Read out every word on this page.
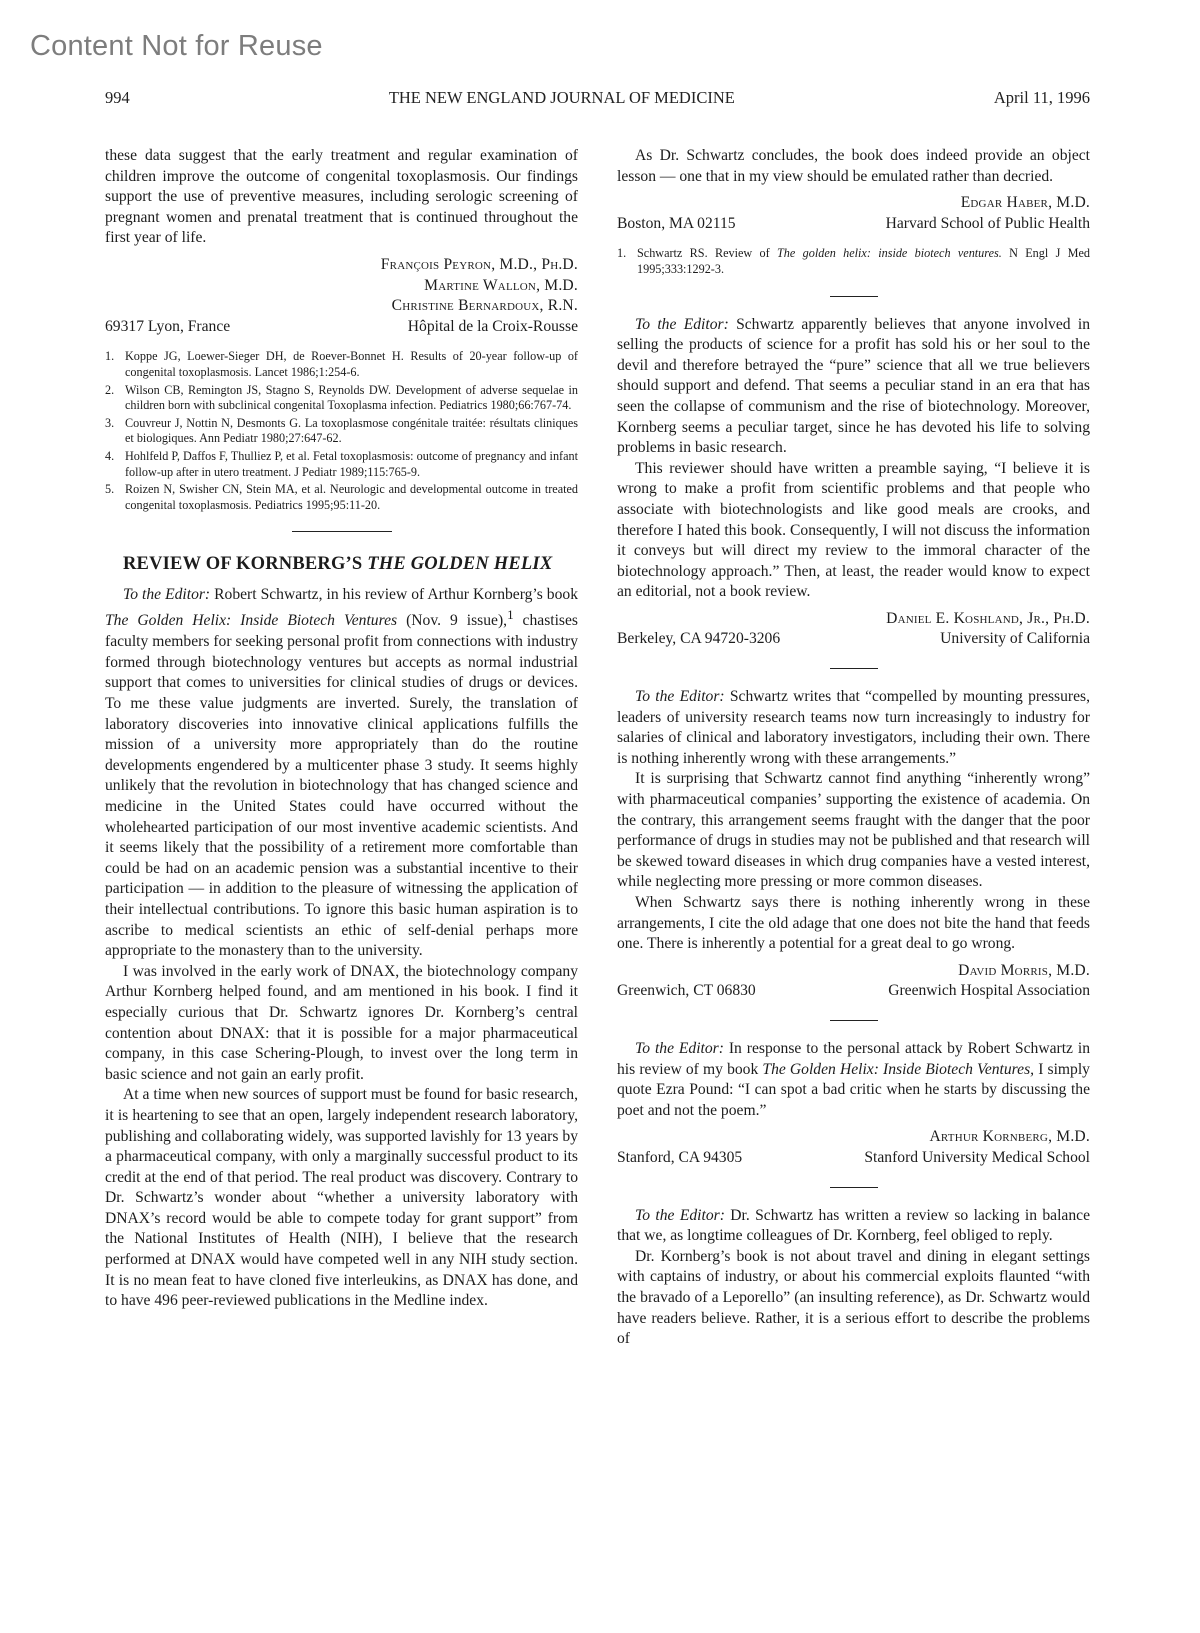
Content Not for Reuse
994	THE NEW ENGLAND JOURNAL OF MEDICINE	April 11, 1996

these data suggest that the early treatment and regular examination of children improve the outcome of congenital toxoplasmosis. Our findings support the use of preventive measures, including serologic screening of pregnant women and prenatal treatment that is continued throughout the first year of life.

François Peyron, M.D., Ph.D.
Martine Wallon, M.D.
Christine Bernardoux, R.N.
69317 Lyon, France	Hôpital de la Croix-Rousse
1. Koppe JG, Loewer-Sieger DH, de Roever-Bonnet H. Results of 20-year follow-up of congenital toxoplasmosis. Lancet 1986;1:254-6.
2. Wilson CB, Remington JS, Stagno S, Reynolds DW. Development of adverse sequelae in children born with subclinical congenital Toxoplasma infection. Pediatrics 1980;66:767-74.
3. Couvreur J, Nottin N, Desmonts G. La toxoplasmose congénitale traitée: résultats cliniques et biologiques. Ann Pediatr 1980;27:647-62.
4. Hohlfeld P, Daffos F, Thulliez P, et al. Fetal toxoplasmosis: outcome of pregnancy and infant follow-up after in utero treatment. J Pediatr 1989;115:765-9.
5. Roizen N, Swisher CN, Stein MA, et al. Neurologic and developmental outcome in treated congenital toxoplasmosis. Pediatrics 1995;95:11-20.
REVIEW OF KORNBERG’S THE GOLDEN HELIX

To the Editor: Robert Schwartz, in his review of Arthur Kornberg’s book The Golden Helix: Inside Biotech Ventures (Nov. 9 issue),$^1$ chastises faculty members for seeking personal profit from connections with industry formed through biotechnology ventures but accepts as normal industrial support that comes to universities for clinical studies of drugs or devices. To me these value judgments are inverted. Surely, the translation of laboratory discoveries into innovative clinical applications fulfills the mission of a university more appropriately than do the routine developments engendered by a multicenter phase 3 study. It seems highly unlikely that the revolution in biotechnology that has changed science and medicine in the United States could have occurred without the wholehearted participation of our most inventive academic scientists. And it seems likely that the possibility of a retirement more comfortable than could be had on an academic pension was a substantial incentive to their participation — in addition to the pleasure of witnessing the application of their intellectual contributions. To ignore this basic human aspiration is to ascribe to medical scientists an ethic of self-denial perhaps more appropriate to the monastery than to the university.

I was involved in the early work of DNAX, the biotechnology company Arthur Kornberg helped found, and am mentioned in his book. I find it especially curious that Dr. Schwartz ignores Dr. Kornberg’s central contention about DNAX: that it is possible for a major pharmaceutical company, in this case Schering-Plough, to invest over the long term in basic science and not gain an early profit.

At a time when new sources of support must be found for basic research, it is heartening to see that an open, largely independent research laboratory, publishing and collaborating widely, was supported lavishly for 13 years by a pharmaceutical company, with only a marginally successful product to its credit at the end of that period. The real product was discovery. Contrary to Dr. Schwartz’s wonder about “whether a university laboratory with DNAX’s record would be able to compete today for grant support” from the National Institutes of Health (NIH), I believe that the research performed at DNAX would have competed well in any NIH study section. It is no mean feat to have cloned five interleukins, as DNAX has done, and to have 496 peer-reviewed publications in the Medline index.

As Dr. Schwartz concludes, the book does indeed provide an object lesson — one that in my view should be emulated rather than decried.

Edgar Haber, M.D.
Boston, MA 02115	Harvard School of Public Health
1. Schwartz RS. Review of The golden helix: inside biotech ventures. N Engl J Med 1995;333:1292-3.

To the Editor: Schwartz apparently believes that anyone involved in selling the products of science for a profit has sold his or her soul to the devil and therefore betrayed the “pure” science that all we true believers should support and defend. That seems a peculiar stand in an era that has seen the collapse of communism and the rise of biotechnology. Moreover, Kornberg seems a peculiar target, since he has devoted his life to solving problems in basic research.

This reviewer should have written a preamble saying, “I believe it is wrong to make a profit from scientific problems and that people who associate with biotechnologists and like good meals are crooks, and therefore I hated this book. Consequently, I will not discuss the information it conveys but will direct my review to the immoral character of the biotechnology approach.” Then, at least, the reader would know to expect an editorial, not a book review.

Daniel E. Koshland, Jr., Ph.D.
Berkeley, CA 94720-3206	University of California

To the Editor: Schwartz writes that “compelled by mounting pressures, leaders of university research teams now turn increasingly to industry for salaries of clinical and laboratory investigators, including their own. There is nothing inherently wrong with these arrangements.”

It is surprising that Schwartz cannot find anything “inherently wrong” with pharmaceutical companies’ supporting the existence of academia. On the contrary, this arrangement seems fraught with the danger that the poor performance of drugs in studies may not be published and that research will be skewed toward diseases in which drug companies have a vested interest, while neglecting more pressing or more common diseases.

When Schwartz says there is nothing inherently wrong in these arrangements, I cite the old adage that one does not bite the hand that feeds one. There is inherently a potential for a great deal to go wrong.

David Morris, M.D.
Greenwich, CT 06830	Greenwich Hospital Association

To the Editor: In response to the personal attack by Robert Schwartz in his review of my book The Golden Helix: Inside Biotech Ventures, I simply quote Ezra Pound: “I can spot a bad critic when he starts by discussing the poet and not the poem.”

Arthur Kornberg, M.D.
Stanford, CA 94305	Stanford University Medical School

To the Editor: Dr. Schwartz has written a review so lacking in balance that we, as longtime colleagues of Dr. Kornberg, feel obliged to reply.

Dr. Kornberg’s book is not about travel and dining in elegant settings with captains of industry, or about his commercial exploits flaunted “with the bravado of a Leporello” (an insulting reference), as Dr. Schwartz would have readers believe. Rather, it is a serious effort to describe the problems of
